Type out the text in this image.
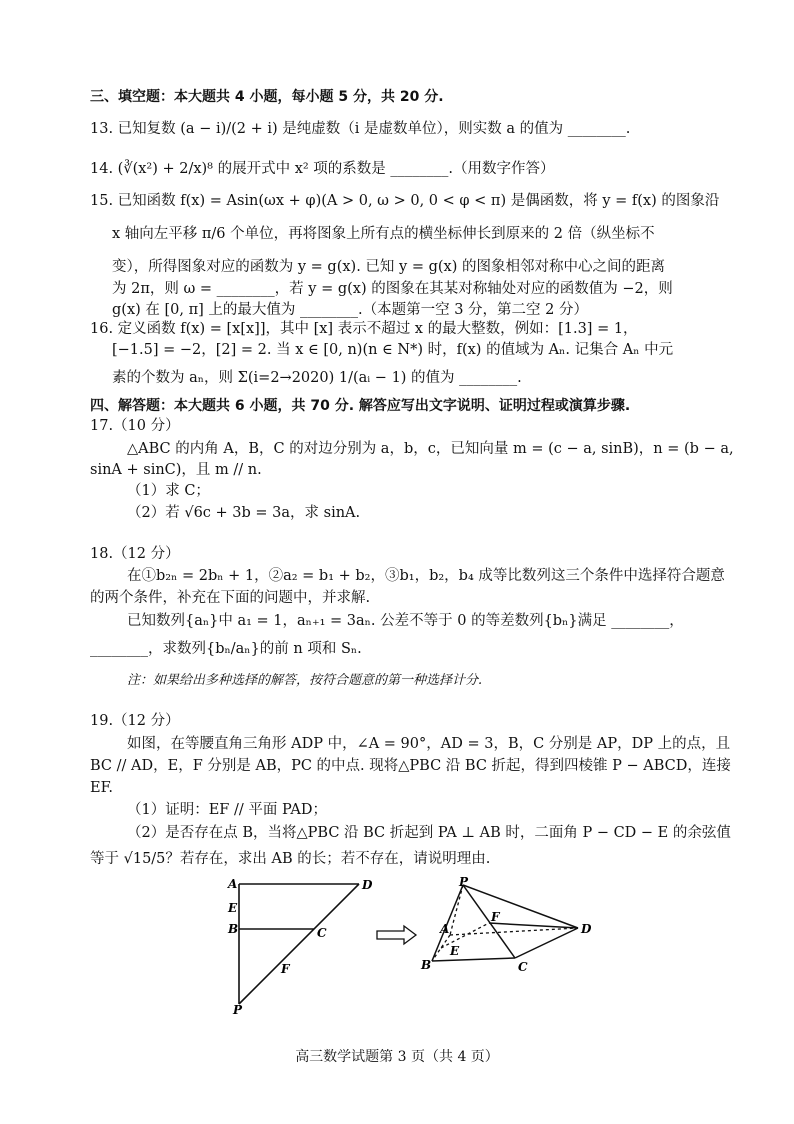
三、填空题：本大题共 4 小题，每小题 5 分，共 20 分.
13. 已知复数 (a − i)/(2 + i) 是纯虚数（i 是虚数单位），则实数 a 的值为 ________.
14. (∛(x²) + 2/x)⁸ 的展开式中 x² 项的系数是 ________.（用数字作答）
15. 已知函数 f(x) = Asin(ωx + φ)(A > 0, ω > 0, 0 < φ < π) 是偶函数，将 y = f(x) 的图象沿
x 轴向左平移 π/6 个单位，再将图象上所有点的横坐标伸长到原来的 2 倍（纵坐标不
变），所得图象对应的函数为 y = g(x). 已知 y = g(x) 的图象相邻对称中心之间的距离
为 2π，则 ω = ________，若 y = g(x) 的图象在其某对称轴处对应的函数值为 −2，则
g(x) 在 [0, π] 上的最大值为 ________.（本题第一空 3 分，第二空 2 分）
16. 定义函数 f(x) = [x[x]]，其中 [x] 表示不超过 x 的最大整数，例如：[1.3] = 1，
[−1.5] = −2，[2] = 2. 当 x ∈ [0, n)(n ∈ N*) 时，f(x) 的值域为 Aₙ. 记集合 Aₙ 中元
素的个数为 aₙ，则 Σ(i=2→2020) 1/(aᵢ − 1) 的值为 ________.
四、解答题：本大题共 6 小题，共 70 分. 解答应写出文字说明、证明过程或演算步骤.
17.（10 分）
△ABC 的内角 A，B，C 的对边分别为 a，b，c，已知向量 m = (c − a, sinB)，n = (b − a,
sinA + sinC)，且 m // n.
（1）求 C；
（2）若 √6c + 3b = 3a，求 sinA.
18.（12 分）
在①b₂ₙ = 2bₙ + 1，②a₂ = b₁ + b₂，③b₁，b₂，b₄ 成等比数列这三个条件中选择符合题意
的两个条件，补充在下面的问题中，并求解.
已知数列{aₙ}中 a₁ = 1，aₙ₊₁ = 3aₙ. 公差不等于 0 的等差数列{bₙ}满足 ________，
________，求数列{bₙ/aₙ}的前 n 项和 Sₙ.
注：如果给出多种选择的解答，按符合题意的第一种选择计分.
19.（12 分）
如图，在等腰直角三角形 ADP 中，∠A = 90°，AD = 3，B，C 分别是 AP，DP 上的点，且
BC // AD，E，F 分别是 AB，PC 的中点. 现将△PBC 沿 BC 折起，得到四棱锥 P − ABCD，连接
EF.
（1）证明：EF // 平面 PAD；
（2）是否存在点 B，当将△PBC 沿 BC 折起到 PA ⊥ AB 时，二面角 P − CD − E 的余弦值
等于 √15/5？若存在，求出 AB 的长；若不存在，请说明理由.
A	D
E
B	C
F
P
P
A
F
D
E
B	C
高三数学试题第 3 页（共 4 页）
